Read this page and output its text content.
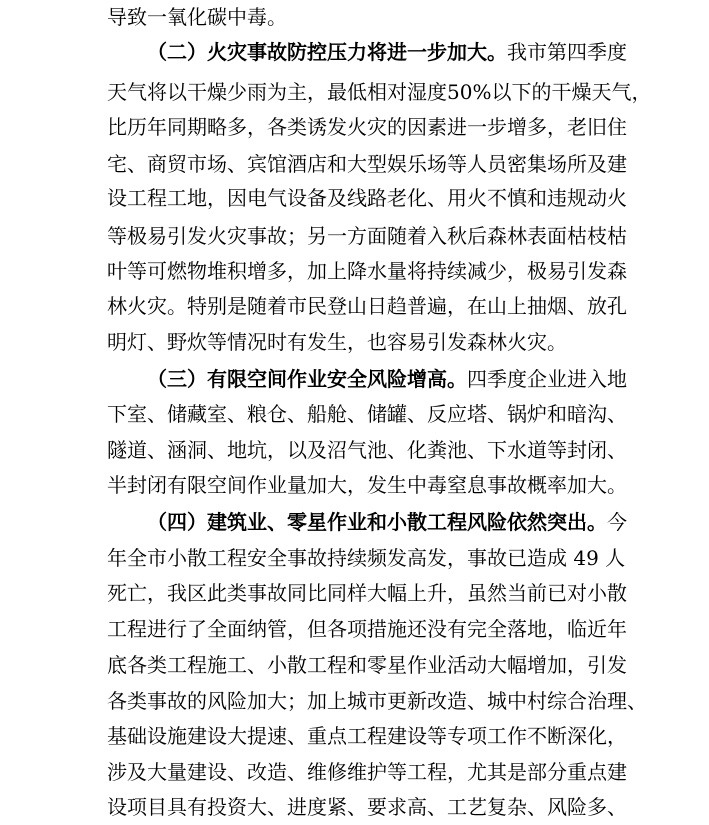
导致一氧化碳中毒。
（二）火灾事故防控压力将进一步加大。我市第四季度
天气将以干燥少雨为主，最低相对湿度50%以下的干燥天气，
比历年同期略多，各类诱发火灾的因素进一步增多，老旧住
宅、商贸市场、宾馆酒店和大型娱乐场等人员密集场所及建
设工程工地，因电气设备及线路老化、用火不慎和违规动火
等极易引发火灾事故；另一方面随着入秋后森林表面枯枝枯
叶等可燃物堆积增多，加上降水量将持续减少，极易引发森
林火灾。特别是随着市民登山日趋普遍，在山上抽烟、放孔
明灯、野炊等情况时有发生，也容易引发森林火灾。
（三）有限空间作业安全风险增高。四季度企业进入地
下室、储藏室、粮仓、船舱、储罐、反应塔、锅炉和暗沟、
隧道、涵洞、地坑，以及沼气池、化粪池、下水道等封闭、
半封闭有限空间作业量加大，发生中毒窒息事故概率加大。
（四）建筑业、零星作业和小散工程风险依然突出。今
年全市小散工程安全事故持续频发高发，事故已造成 49 人
死亡，我区此类事故同比同样大幅上升，虽然当前已对小散
工程进行了全面纳管，但各项措施还没有完全落地，临近年
底各类工程施工、小散工程和零星作业活动大幅增加，引发
各类事故的风险加大；加上城市更新改造、城中村综合治理、
基础设施建设大提速、重点工程建设等专项工作不断深化，
涉及大量建设、改造、维修维护等工程，尤其是部分重点建
设项目具有投资大、进度紧、要求高、工艺复杂、风险多、
